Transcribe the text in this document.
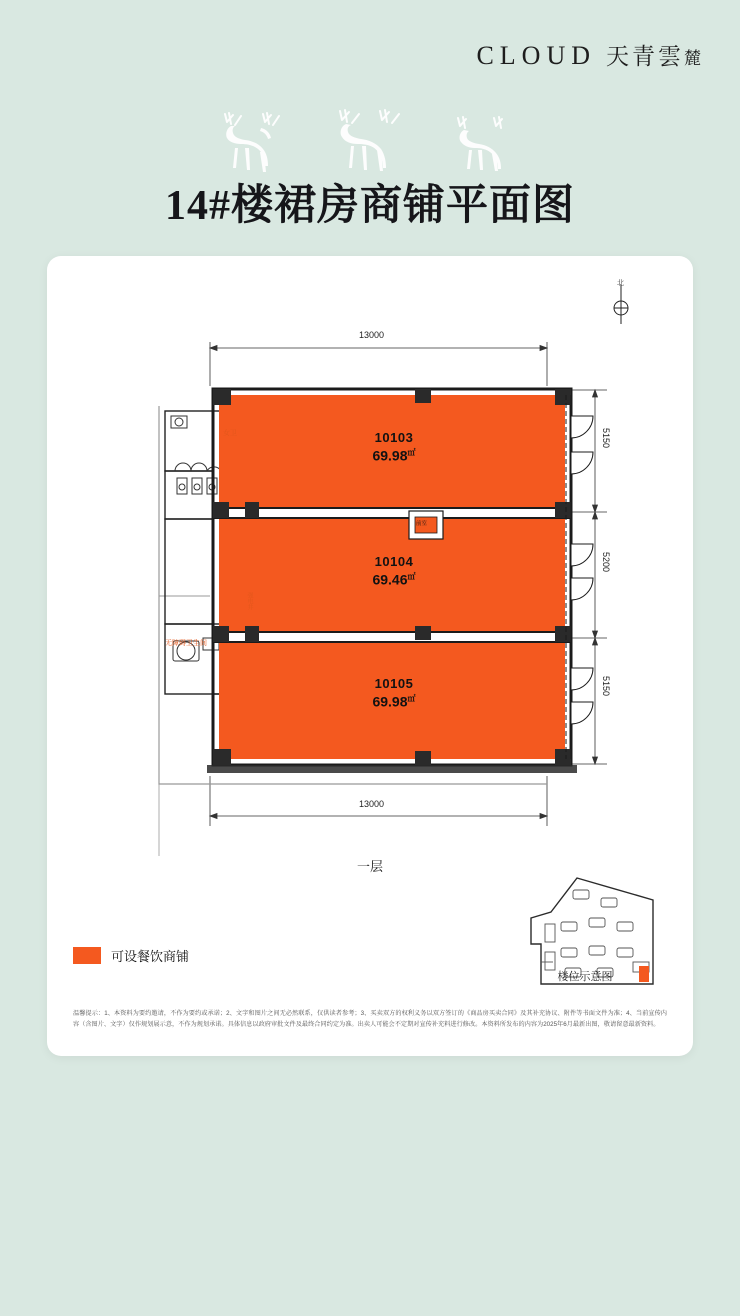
CLOUD 天青雲麓
14#楼裙房商铺平面图
北
13000
13000
5150
5200
5150
10103
69.98㎡
10104
69.46㎡
10105
69.98㎡
女卫
无障碍卫生间
强电井
前室
一层
可设餐饮商铺
楼位示意图
温馨提示：1、本资料为要约邀请，不作为要约或承诺；2、文字和图片之间无必然联系，仅供读者参考；3、买卖双方的权利义务以双方签订的《商品房买卖合同》及其补充协议、附件等书面文件为准；4、当前宣传内容（含图片、文字）仅作规划展示意，不作为规划承诺。具体信息以政府审批文件及最终合同约定为准。出卖人可能会不定期对宣传补充料进行修改。本资料所发布的内容为2025年6月最新出图，敬请留意最新资料。
